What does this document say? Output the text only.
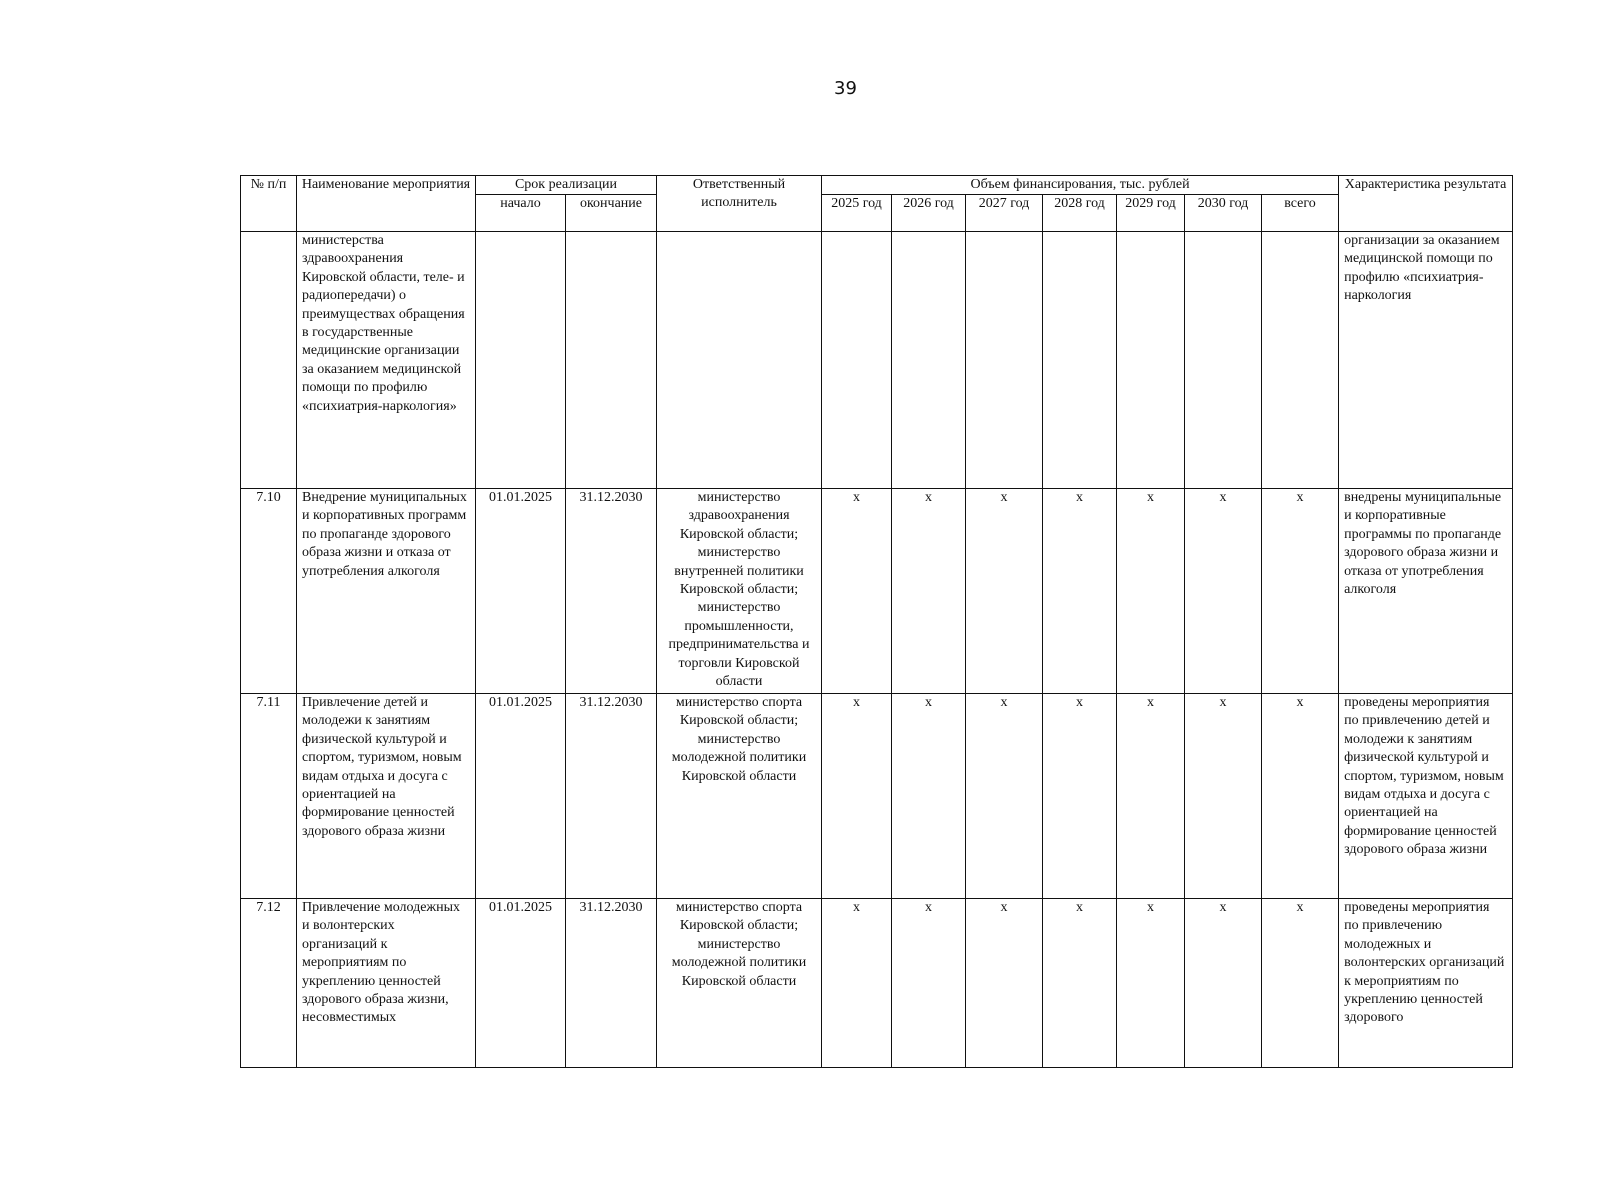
39
№ п/п	Наименование мероприятия	Срок реализации		Ответственный исполнитель	Объем финансирования, тыс. рублей							Характеристика результата
		начало	окончание		2025 год	2026 год	2027 год	2028 год	2029 год	2030 год	всего	
	министерства здравоохранения Кировской области, теле- и радиопередачи) о преимуществах обращения в государственные медицинские организации за оказанием медицинской помощи по профилю «психиатрия-наркология»											организации за оказанием медицинской помощи по профилю «психиатрия-наркология
7.10	Внедрение муниципальных и корпоративных программ по пропаганде здорового образа жизни и отказа от употребления алкоголя	01.01.2025	31.12.2030	министерство здравоохранения Кировской области; министерство внутренней политики Кировской области; министерство промышленности, предпринимательства и торговли Кировской области	x	x	x	x	x	x	x	внедрены муниципальные и корпоративные программы по пропаганде здорового образа жизни и отказа от употребления алкоголя
7.11	Привлечение детей и молодежи к занятиям физической культурой и спортом, туризмом, новым видам отдыха и досуга с ориентацией на формирование ценностей здорового образа жизни	01.01.2025	31.12.2030	министерство спорта Кировской области; министерство молодежной политики Кировской области	x	x	x	x	x	x	x	проведены мероприятия по привлечению детей и молодежи к занятиям физической культурой и спортом, туризмом, новым видам отдыха и досуга с ориентацией на формирование ценностей здорового образа жизни
7.12	Привлечение молодежных и волонтерских организаций к мероприятиям по укреплению ценностей здорового образа жизни, несовместимых	01.01.2025	31.12.2030	министерство спорта Кировской области; министерство молодежной политики Кировской области	x	x	x	x	x	x	x	проведены мероприятия по привлечению молодежных и волонтерских организаций к мероприятиям по укреплению ценностей здорового
